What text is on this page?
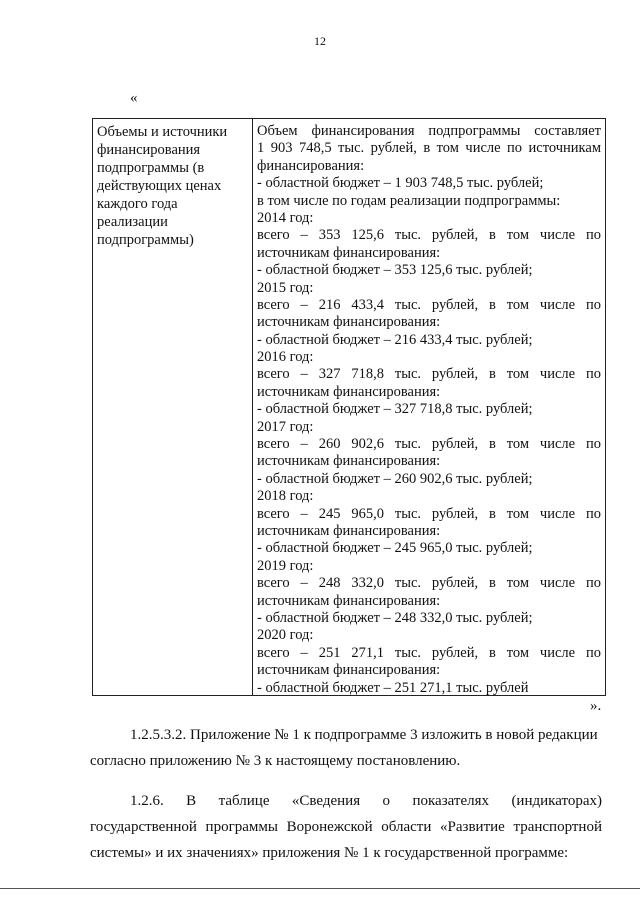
12
«
Объемы и источники
финансирования
подпрограммы (в
действующих ценах
каждого года
реализации
подпрограммы)
Объем финансирования подпрограммы составляет
1 903 748,5 тыс. рублей, в том числе по источникам
финансирования:
- областной бюджет – 1 903 748,5 тыс. рублей;
в том числе по годам реализации подпрограммы:
2014 год:
всего – 353 125,6 тыс. рублей, в том числе по
источникам финансирования:
- областной бюджет – 353 125,6 тыс. рублей;
2015 год:
всего – 216 433,4 тыс. рублей, в том числе по
источникам финансирования:
- областной бюджет – 216 433,4 тыс. рублей;
2016 год:
всего – 327 718,8 тыс. рублей, в том числе по
источникам финансирования:
- областной бюджет – 327 718,8 тыс. рублей;
2017 год:
всего – 260 902,6 тыс. рублей, в том числе по
источникам финансирования:
- областной бюджет – 260 902,6 тыс. рублей;
2018 год:
всего – 245 965,0 тыс. рублей, в том числе по
источникам финансирования:
- областной бюджет – 245 965,0 тыс. рублей;
2019 год:
всего – 248 332,0 тыс. рублей, в том числе по
источникам финансирования:
- областной бюджет – 248 332,0 тыс. рублей;
2020 год:
всего – 251 271,1 тыс. рублей, в том числе по
источникам финансирования:
- областной бюджет – 251 271,1 тыс. рублей
».
1.2.5.3.2. Приложение № 1 к подпрограмме 3 изложить в новой редакции
согласно приложению № 3 к настоящему постановлению.
1.2.6. В таблице «Сведения о показателях (индикаторах)
государственной программы Воронежской области «Развитие транспортной
системы» и их значениях» приложения № 1 к государственной программе:
